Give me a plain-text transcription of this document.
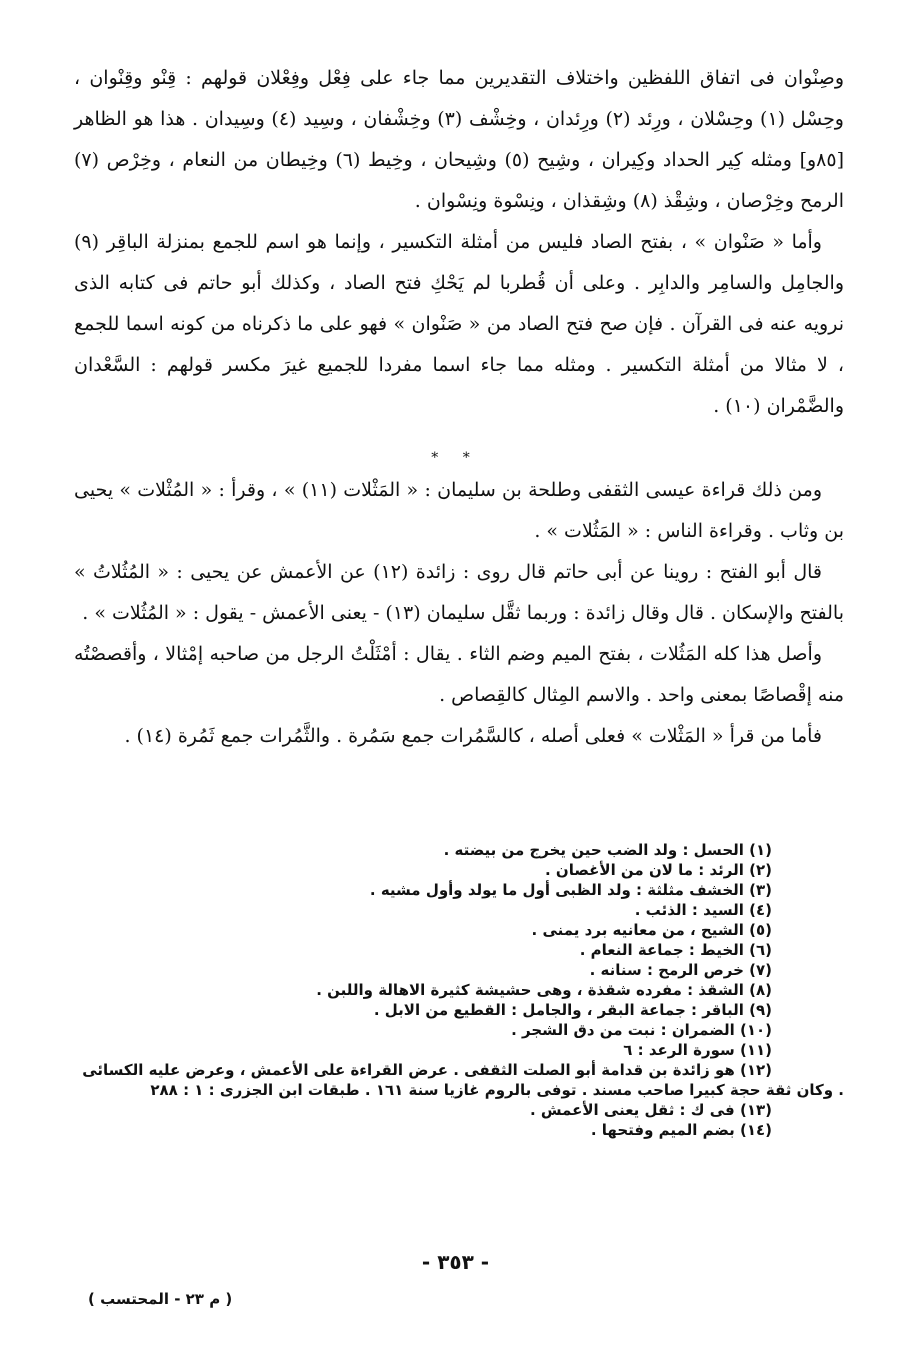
وصِنْوان فى اتفاق اللفظين واختلاف التقديرين مما جاء على فِعْل وفِعْلان قولهم : قِنْو وقِنْوان ، وحِسْل (١) وحِسْلان ، ورِئد (٢) ورِئدان ، وخِشْف (٣) وخِشْفان ، وسِيد (٤) وسِيدان . هذا هو الظاهر [٨٥و] ومثله كِير الحداد وكِيران ، وشِيح (٥) وشِيحان ، وخِيط (٦) وخِيطان من النعام ، وخِرْص (٧) الرمح وخِرْصان ، وشِقْذ (٨) وشِقذان ، ونِسْوة ونِسْوان .

وأما « صَنْوان » ، بفتح الصاد فليس من أمثلة التكسير ، وإنما هو اسم للجمع بمنزلة الباقِر (٩) والجامِل والسامِر والدابِر . وعلى أن قُطربا لم يَحْكِ فتح الصاد ، وكذلك أبو حاتم فى كتابه الذى نرويه عنه فى القرآن . فإن صح فتح الصاد من « صَنْوان » فهو على ما ذكرناه من كونه اسما للجمع ، لا مثالا من أمثلة التكسير . ومثله مما جاء اسما مفردا للجميع غيرَ مكسر قولهم : السَّعْدان والضَّمْران (١٠) .

* *

ومن ذلك قراءة عيسى الثقفى وطلحة بن سليمان : « المَثْلات (١١) » ، وقرأ : « المُثْلات » يحيى بن وثاب . وقراءة الناس : « المَثُلات » .

قال أبو الفتح : روينا عن أبى حاتم قال روى : زائدة (١٢) عن الأعمش عن يحيى : « المُثُلاتُ » بالفتح والإسكان . قال وقال زائدة : وربما ثقَّل سليمان (١٣) - يعنى الأعمش - يقول : « المُثُلات » .

وأصل هذا كله المَثُلات ، بفتح الميم وضم الثاء . يقال : أمْثَلْتُ الرجل من صاحبه إمْثالا ، وأقصصْتُه منه إقْصاصًا بمعنى واحد . والاسم المِثال كالقِصاص .

فأما من قرأ « المَثْلات » فعلى أصله ، كالسَّمُرات جمع سَمُرة . والثَّمُرات جمع ثَمُرة (١٤) .

(١) الحسل : ولد الضب حين يخرج من بيضته .

(٢) الرئد : ما لان من الأغصان .

(٣) الخشف مثلثة : ولد الظبى أول ما يولد وأول مشيه .

(٤) السيد : الذئب .

(٥) الشيح ، من معانيه برد يمنى .

(٦) الخيط : جماعة النعام .

(٧) خرص الرمح : سنانه .

(٨) الشقذ : مفرده شقذة ، وهى حشيشة كثيرة الاهالة واللبن .

(٩) الباقر : جماعة البقر ، والجامل : القطيع من الابل .

(١٠) الضمران : نبت من دق الشجر .

(١١) سورة الرعد : ٦

(١٢) هو زائدة بن قدامة أبو الصلت الثقفى . عرض القراءة على الأعمش ، وعرض عليه الكسائى . وكان ثقة حجة كبيرا صاحب مسند . توفى بالروم غازيا سنة ١٦١ . طبقات ابن الجزرى : ١ : ٢٨٨

(١٣) فى ك : ثقل يعنى الأعمش .

(١٤) بضم الميم وفتحها .

- ٣٥٣ -
( م ٢٣ - المحتسب )
